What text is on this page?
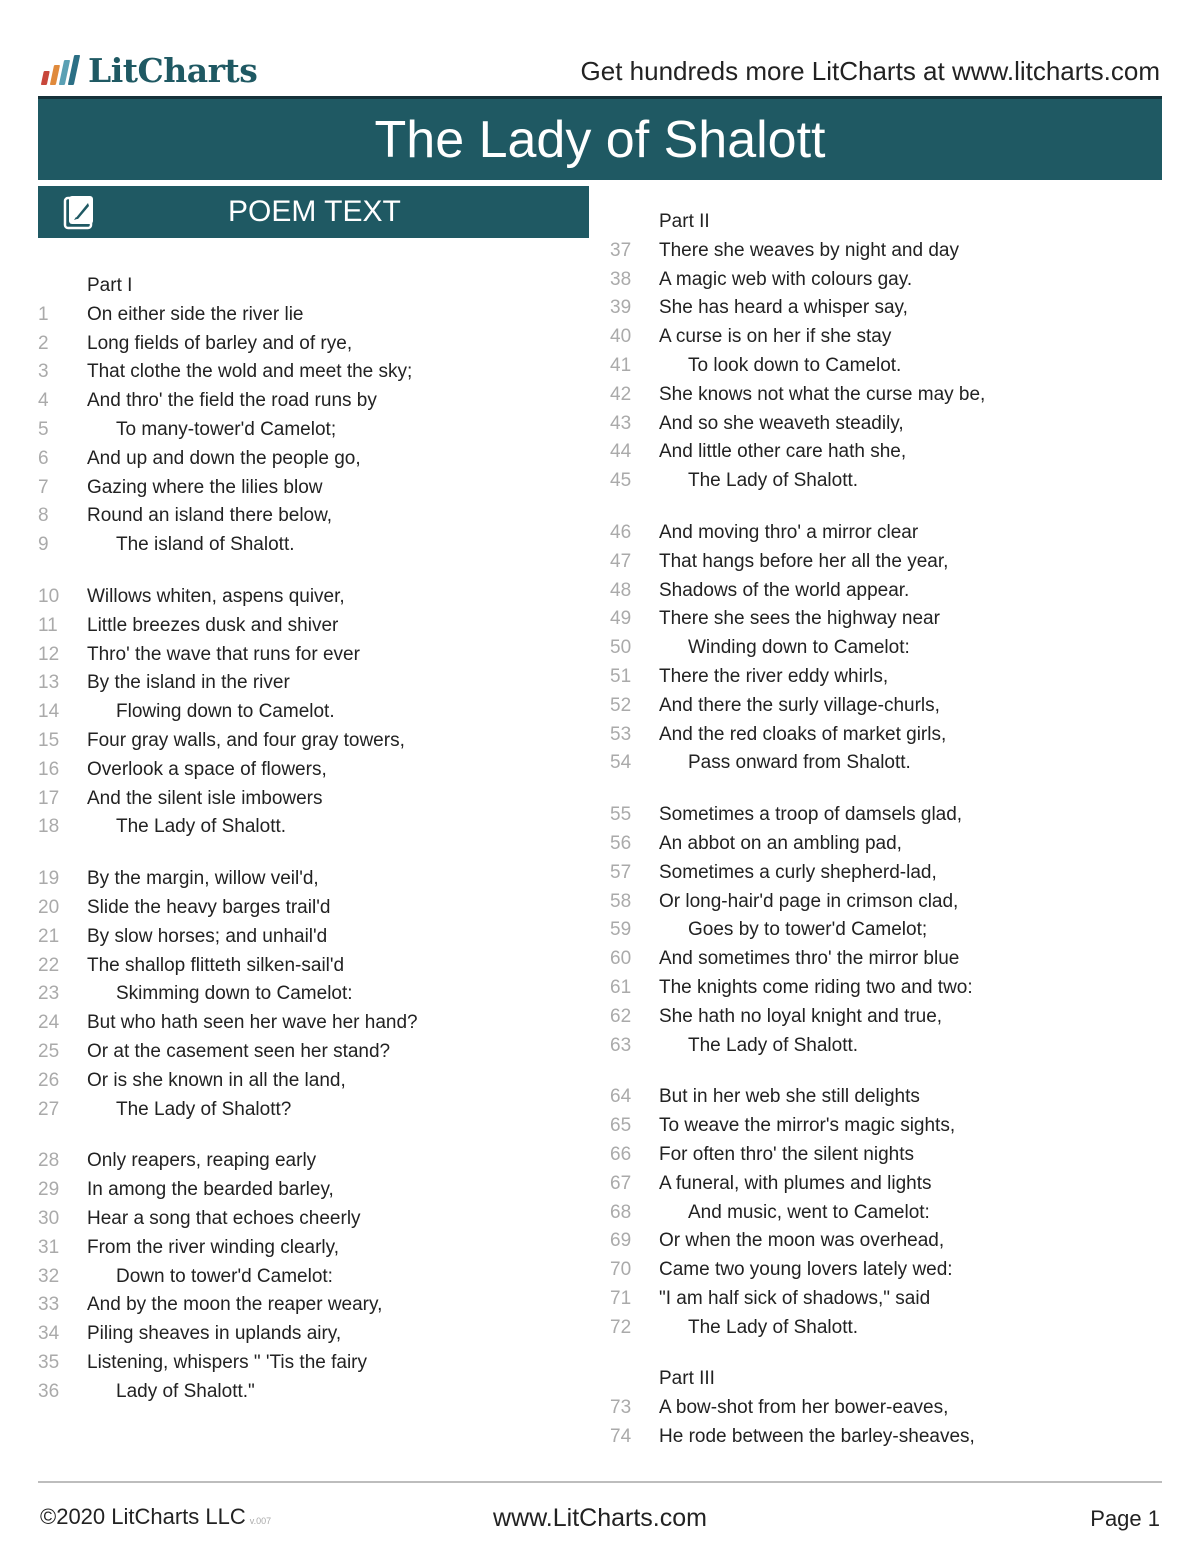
LitCharts	Get hundreds more LitCharts at www.litcharts.com
The Lady of Shalott
POEM TEXT
Part I
1	On either side the river lie
2	Long fields of barley and of rye,
3	That clothe the wold and meet the sky;
4	And thro' the field the road runs by
5	To many-tower'd Camelot;
6	And up and down the people go,
7	Gazing where the lilies blow
8	Round an island there below,
9	The island of Shalott.
10	Willows whiten, aspens quiver,
11	Little breezes dusk and shiver
12	Thro' the wave that runs for ever
13	By the island in the river
14	Flowing down to Camelot.
15	Four gray walls, and four gray towers,
16	Overlook a space of flowers,
17	And the silent isle imbowers
18	The Lady of Shalott.
19	By the margin, willow veil'd,
20	Slide the heavy barges trail'd
21	By slow horses; and unhail'd
22	The shallop flitteth silken-sail'd
23	Skimming down to Camelot:
24	But who hath seen her wave her hand?
25	Or at the casement seen her stand?
26	Or is she known in all the land,
27	The Lady of Shalott?
28	Only reapers, reaping early
29	In among the bearded barley,
30	Hear a song that echoes cheerly
31	From the river winding clearly,
32	Down to tower'd Camelot:
33	And by the moon the reaper weary,
34	Piling sheaves in uplands airy,
35	Listening, whispers " 'Tis the fairy
36	Lady of Shalott."
Part II
37	There she weaves by night and day
38	A magic web with colours gay.
39	She has heard a whisper say,
40	A curse is on her if she stay
41	To look down to Camelot.
42	She knows not what the curse may be,
43	And so she weaveth steadily,
44	And little other care hath she,
45	The Lady of Shalott.
46	And moving thro' a mirror clear
47	That hangs before her all the year,
48	Shadows of the world appear.
49	There she sees the highway near
50	Winding down to Camelot:
51	There the river eddy whirls,
52	And there the surly village-churls,
53	And the red cloaks of market girls,
54	Pass onward from Shalott.
55	Sometimes a troop of damsels glad,
56	An abbot on an ambling pad,
57	Sometimes a curly shepherd-lad,
58	Or long-hair'd page in crimson clad,
59	Goes by to tower'd Camelot;
60	And sometimes thro' the mirror blue
61	The knights come riding two and two:
62	She hath no loyal knight and true,
63	The Lady of Shalott.
64	But in her web she still delights
65	To weave the mirror's magic sights,
66	For often thro' the silent nights
67	A funeral, with plumes and lights
68	And music, went to Camelot:
69	Or when the moon was overhead,
70	Came two young lovers lately wed:
71	"I am half sick of shadows," said
72	The Lady of Shalott.
Part III
73	A bow-shot from her bower-eaves,
74	He rode between the barley-sheaves,
©2020 LitCharts LLC v.007	www.LitCharts.com	Page 1
